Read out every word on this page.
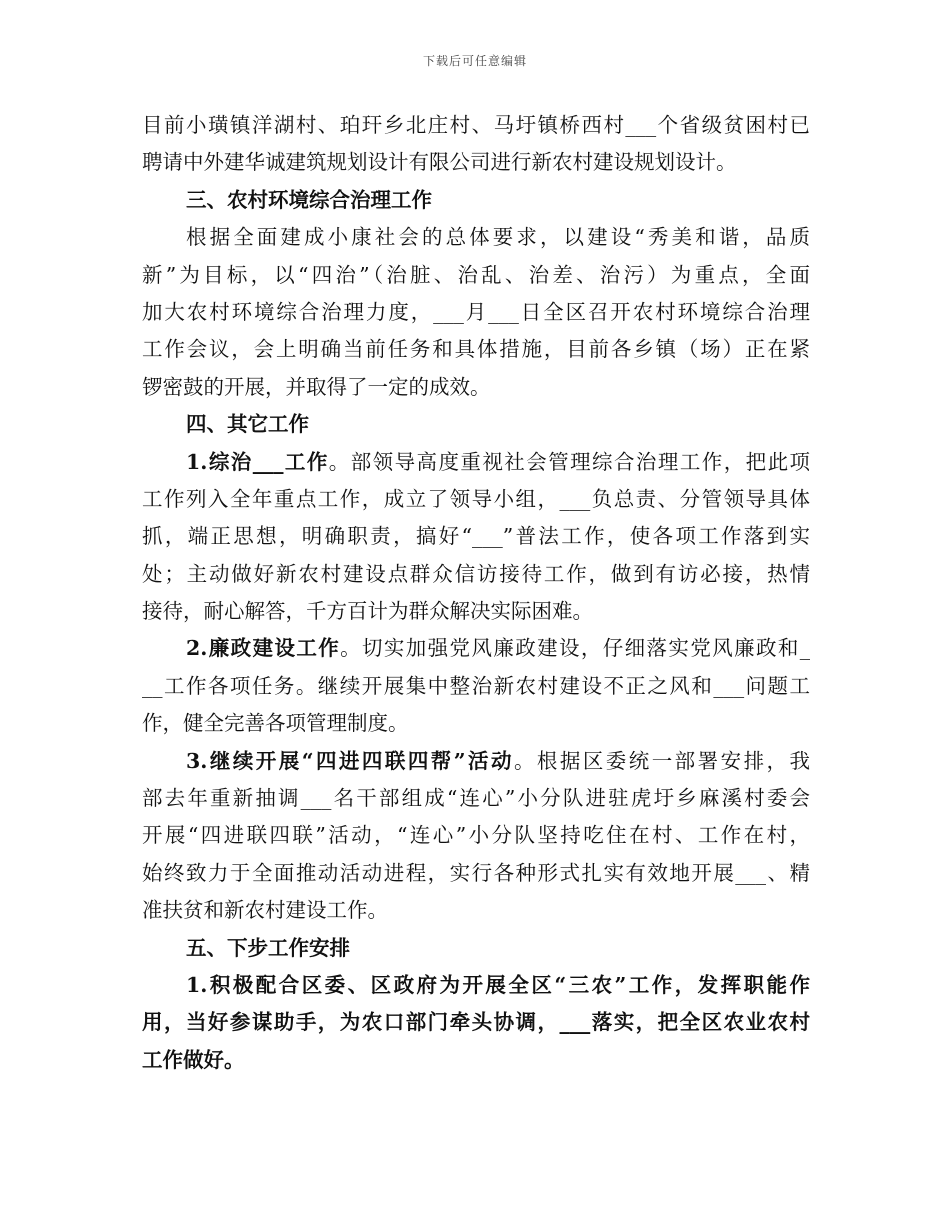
下载后可任意编辑
目前小璜镇洋湖村、珀玕乡北庄村、马圩镇桥西村___个省级贫困村已
聘请中外建华诚建筑规划设计有限公司进行新农村建设规划设计。
三、农村环境综合治理工作
根据全面建成小康社会的总体要求，以建设“秀美和谐，品质
新”为目标，以“四治”（治脏、治乱、治差、治污）为重点，全面
加大农村环境综合治理力度，___月___日全区召开农村环境综合治理
工作会议，会上明确当前任务和具体措施，目前各乡镇（场）正在紧
锣密鼓的开展，并取得了一定的成效。
四、其它工作
1.综治___工作。部领导高度重视社会管理综合治理工作，把此项
工作列入全年重点工作，成立了领导小组，___负总责、分管领导具体
抓，端正思想，明确职责，搞好“___”普法工作，使各项工作落到实
处；主动做好新农村建设点群众信访接待工作，做到有访必接，热情
接待，耐心解答，千方百计为群众解决实际困难。
2.廉政建设工作。切实加强党风廉政建设，仔细落实党风廉政和_
__工作各项任务。继续开展集中整治新农村建设不正之风和___问题工
作，健全完善各项管理制度。
3.继续开展“四进四联四帮”活动。根据区委统一部署安排，我
部去年重新抽调___名干部组成“连心”小分队进驻虎圩乡麻溪村委会
开展“四进联四联”活动，“连心”小分队坚持吃住在村、工作在村，
始终致力于全面推动活动进程，实行各种形式扎实有效地开展___、精
准扶贫和新农村建设工作。
五、下步工作安排
1.积极配合区委、区政府为开展全区“三农”工作，发挥职能作
用，当好参谋助手，为农口部门牵头协调，___落实，把全区农业农村
工作做好。
